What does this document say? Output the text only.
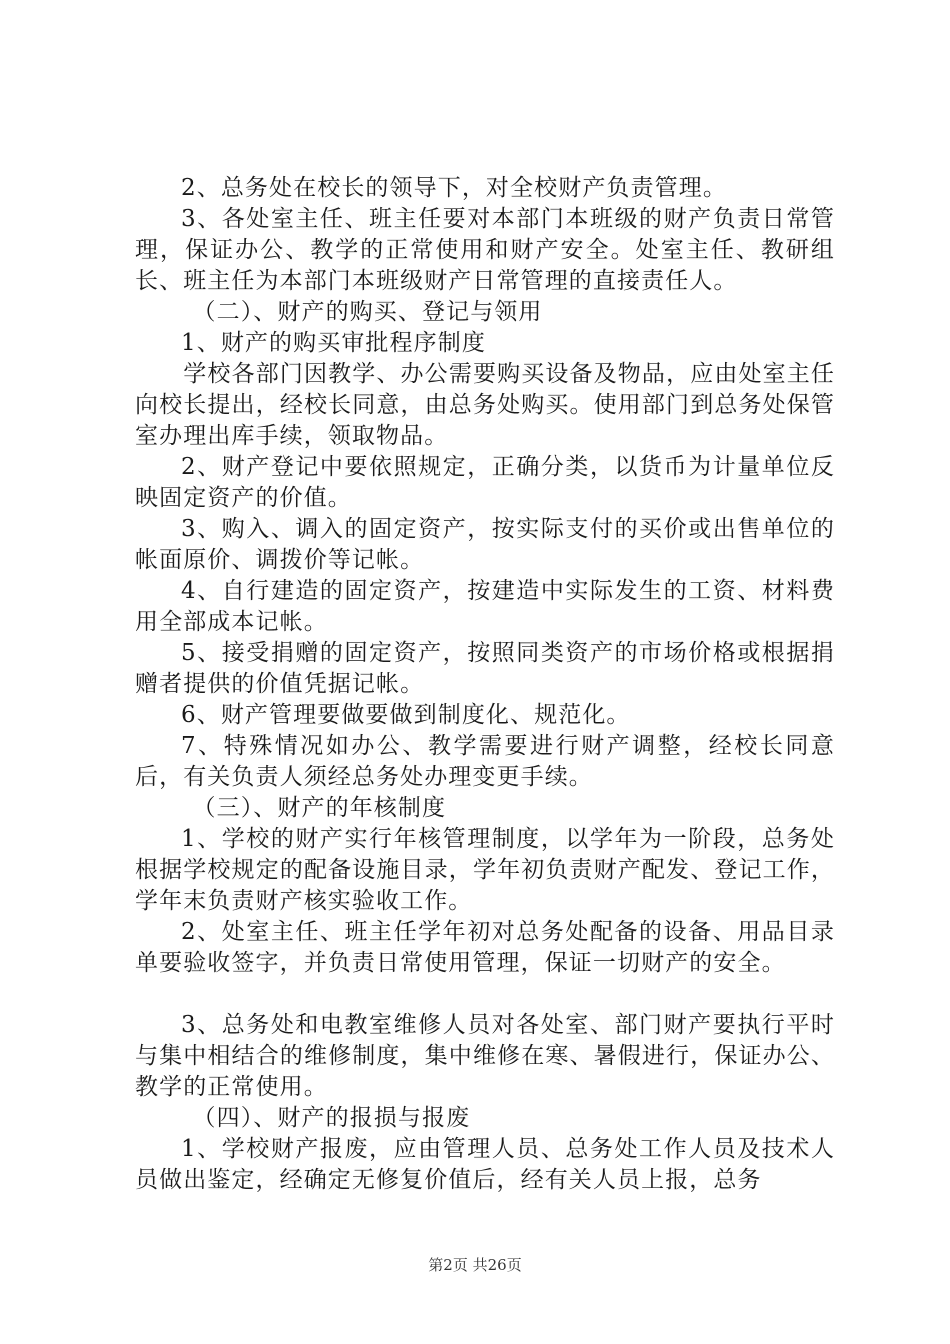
2、总务处在校长的领导下，对全校财产负责管理。

3、各处室主任、班主任要对本部门本班级的财产负责日常管理，保证办公、教学的正常使用和财产安全。处室主任、教研组长、班主任为本部门本班级财产日常管理的直接责任人。

（二）、财产的购买、登记与领用

1、财产的购买审批程序制度

学校各部门因教学、办公需要购买设备及物品，应由处室主任向校长提出，经校长同意，由总务处购买。使用部门到总务处保管室办理出库手续，领取物品。

2、财产登记中要依照规定，正确分类，以货币为计量单位反映固定资产的价值。

3、购入、调入的固定资产，按实际支付的买价或出售单位的帐面原价、调拨价等记帐。

4、自行建造的固定资产，按建造中实际发生的工资、材料费用全部成本记帐。

5、接受捐赠的固定资产，按照同类资产的市场价格或根据捐赠者提供的价值凭据记帐。

6、财产管理要做要做到制度化、规范化。

7、特殊情况如办公、教学需要进行财产调整，经校长同意后，有关负责人须经总务处办理变更手续。

（三）、财产的年核制度

1、学校的财产实行年核管理制度，以学年为一阶段，总务处根据学校规定的配备设施目录，学年初负责财产配发、登记工作，学年末负责财产核实验收工作。

2、处室主任、班主任学年初对总务处配备的设备、用品目录单要验收签字，并负责日常使用管理，保证一切财产的安全。

3、总务处和电教室维修人员对各处室、部门财产要执行平时与集中相结合的维修制度，集中维修在寒、暑假进行，保证办公、教学的正常使用。

（四）、财产的报损与报废

1、学校财产报废，应由管理人员、总务处工作人员及技术人员做出鉴定，经确定无修复价值后，经有关人员上报，总务

第2页 共26页
